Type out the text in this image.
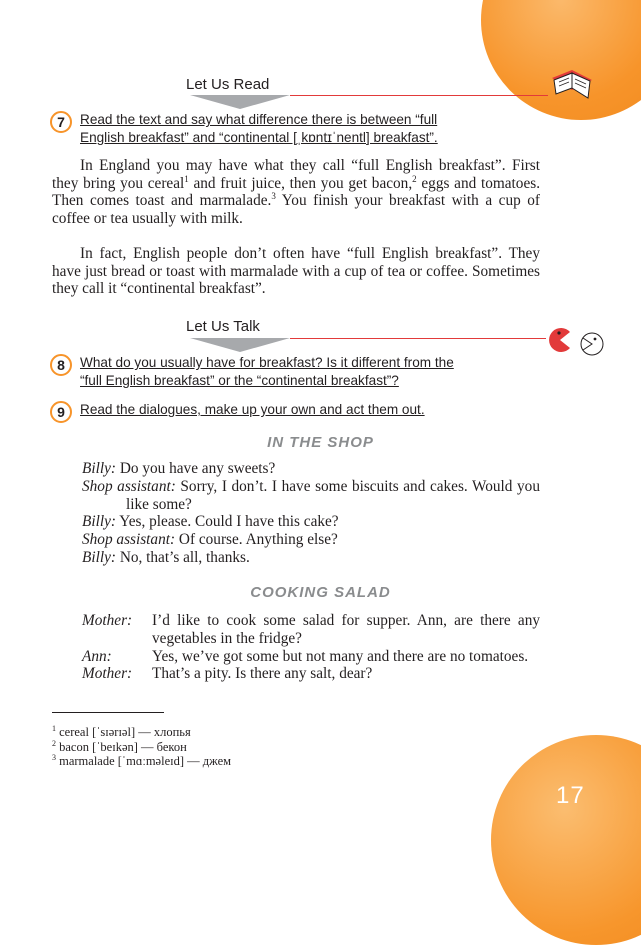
17
Let Us Read
7	Read the text and say what difference there is between “full
English breakfast” and “continental [ˌkɒntɪˈnentl] breakfast”.
In England you may have what they call “full English breakfast”. First they bring you cereal$^1$ and fruit juice, then you get bacon,$^2$ eggs and tomatoes. Then comes toast and marmalade.$^3$ You finish your breakfast with a cup of coffee or tea usually with milk.
In fact, English people don’t often have “full English breakfast”. They have just bread or toast with marmalade with a cup of tea or coffee. Sometimes they call it “continental breakfast”.
Let Us Talk
8	What do you usually have for breakfast? Is it different from the
“full English breakfast” or the “continental breakfast”?
9	Read the dialogues, make up your own and act them out.
IN THE SHOP
Billy: Do you have any sweets?
Shop assistant: Sorry, I don’t. I have some biscuits and cakes. Would you like some?
Billy: Yes, please. Could I have this cake?
Shop assistant: Of course. Anything else?
Billy: No, that’s all, thanks.
COOKING SALAD
Mother:	I’d like to cook some salad for supper. Ann, are there any vegetables in the fridge?
Ann:	Yes, we’ve got some but not many and there are no tomatoes.
Mother:	That’s a pity. Is there any salt, dear?
$^1$ cereal [ˈsɪərɪəl] — хлопья
$^2$ bacon [ˈbeɪkən] — бекон
$^3$ marmalade [ˈmɑːməleɪd] — джем
